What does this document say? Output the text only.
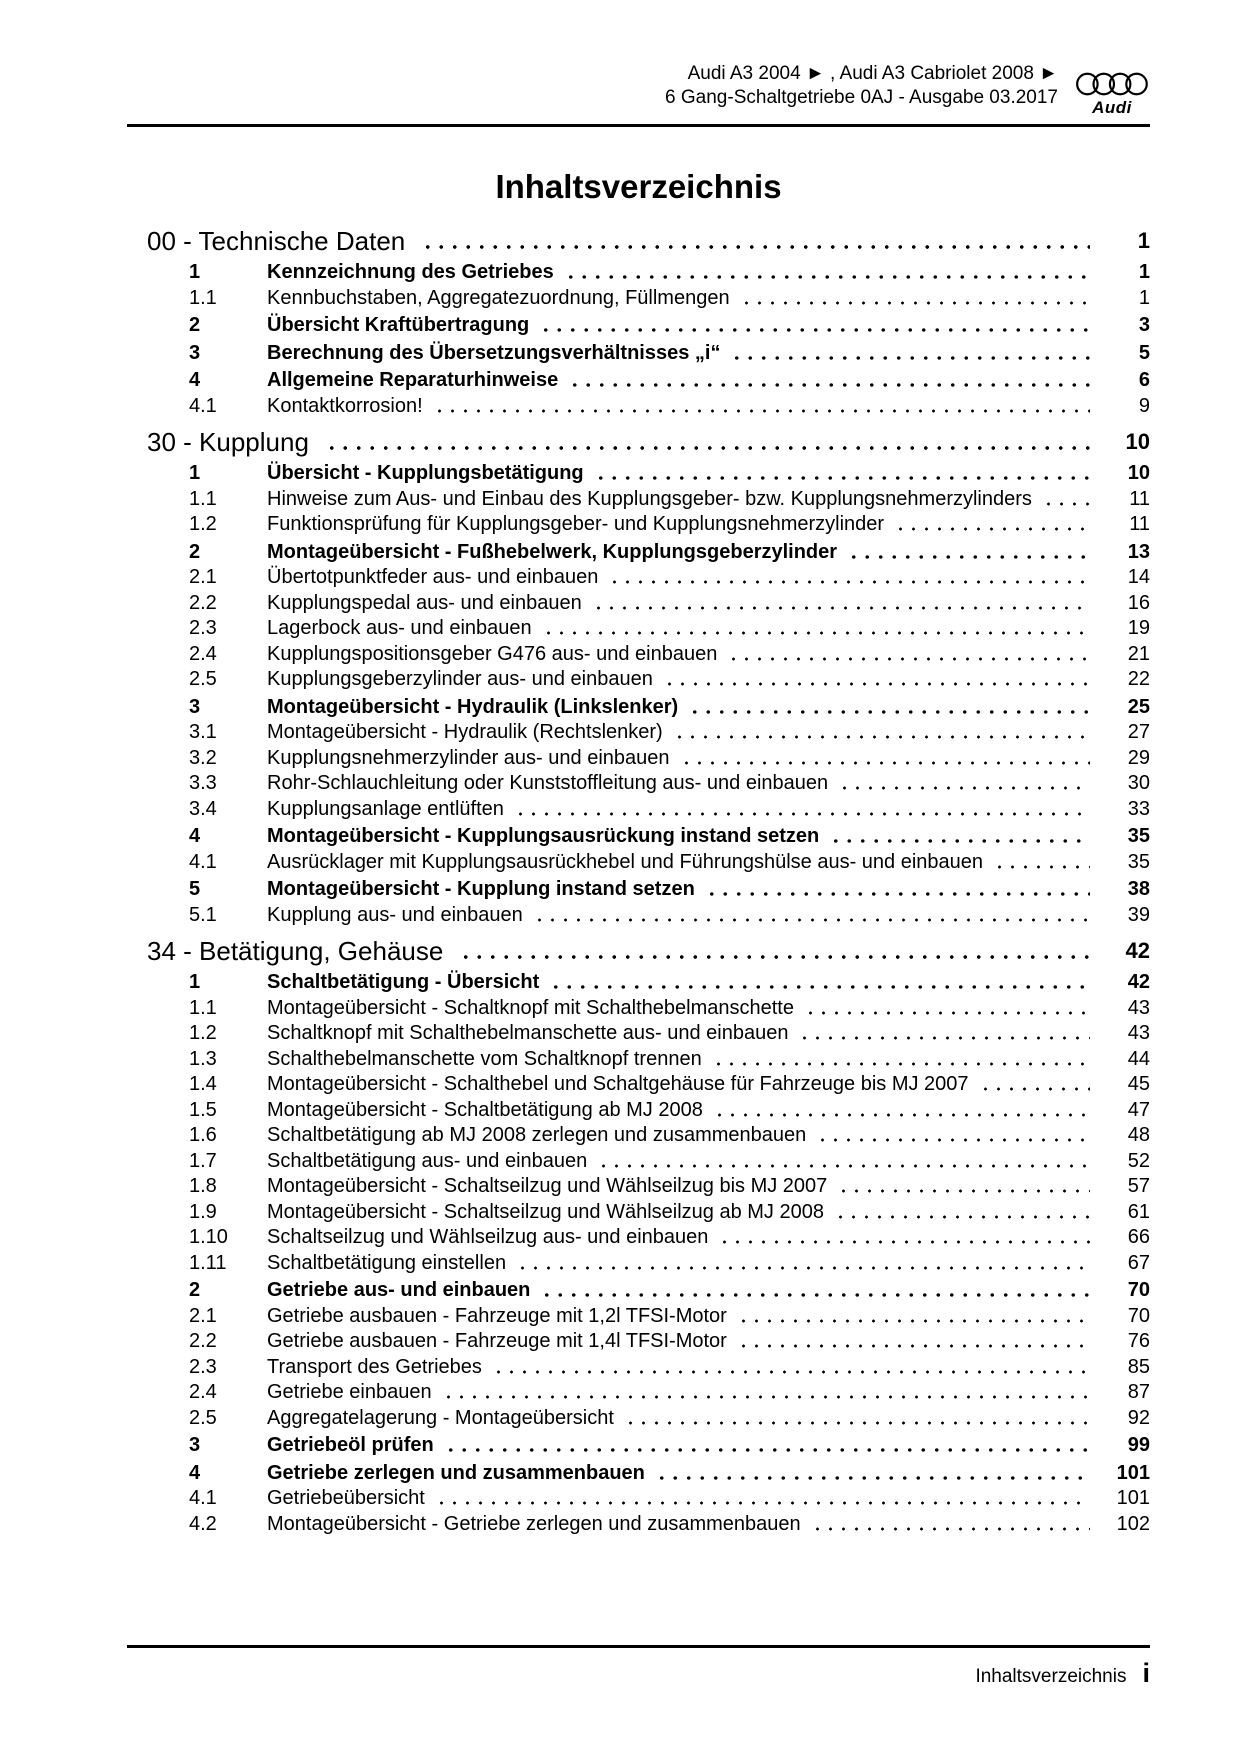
Audi A3 2004 ► , Audi A3 Cabriolet 2008 ►
6 Gang-Schaltgetriebe 0AJ - Ausgabe 03.2017	Audi
Inhaltsverzeichnis
00 - Technische Daten	1
1	Kennzeichnung des Getriebes	1
1.1	Kennbuchstaben, Aggregatezuordnung, Füllmengen	1
2	Übersicht Kraftübertragung	3
3	Berechnung des Übersetzungsverhältnisses „i“	5
4	Allgemeine Reparaturhinweise	6
4.1	Kontaktkorrosion!	9
30 - Kupplung	10
1	Übersicht - Kupplungsbetätigung	10
1.1	Hinweise zum Aus- und Einbau des Kupplungsgeber- bzw. Kupplungsnehmerzylinders	11
1.2	Funktionsprüfung für Kupplungsgeber- und Kupplungsnehmerzylinder	11
2	Montageübersicht - Fußhebelwerk, Kupplungsgeberzylinder	13
2.1	Übertotpunktfeder aus- und einbauen	14
2.2	Kupplungspedal aus- und einbauen	16
2.3	Lagerbock aus- und einbauen	19
2.4	Kupplungspositionsgeber G476 aus- und einbauen	21
2.5	Kupplungsgeberzylinder aus- und einbauen	22
3	Montageübersicht - Hydraulik (Linkslenker)	25
3.1	Montageübersicht - Hydraulik (Rechtslenker)	27
3.2	Kupplungsnehmerzylinder aus- und einbauen	29
3.3	Rohr-Schlauchleitung oder Kunststoffleitung aus- und einbauen	30
3.4	Kupplungsanlage entlüften	33
4	Montageübersicht - Kupplungsausrückung instand setzen	35
4.1	Ausrücklager mit Kupplungsausrückhebel und Führungshülse aus- und einbauen	35
5	Montageübersicht - Kupplung instand setzen	38
5.1	Kupplung aus- und einbauen	39
34 - Betätigung, Gehäuse	42
1	Schaltbetätigung - Übersicht	42
1.1	Montageübersicht - Schaltknopf mit Schalthebelmanschette	43
1.2	Schaltknopf mit Schalthebelmanschette aus- und einbauen	43
1.3	Schalthebelmanschette vom Schaltknopf trennen	44
1.4	Montageübersicht - Schalthebel und Schaltgehäuse für Fahrzeuge bis MJ 2007	45
1.5	Montageübersicht - Schaltbetätigung ab MJ 2008	47
1.6	Schaltbetätigung ab MJ 2008 zerlegen und zusammenbauen	48
1.7	Schaltbetätigung aus- und einbauen	52
1.8	Montageübersicht - Schaltseilzug und Wählseilzug bis MJ 2007	57
1.9	Montageübersicht - Schaltseilzug und Wählseilzug ab MJ 2008	61
1.10	Schaltseilzug und Wählseilzug aus- und einbauen	66
1.11	Schaltbetätigung einstellen	67
2	Getriebe aus- und einbauen	70
2.1	Getriebe ausbauen - Fahrzeuge mit 1,2l TFSI-Motor	70
2.2	Getriebe ausbauen - Fahrzeuge mit 1,4l TFSI-Motor	76
2.3	Transport des Getriebes	85
2.4	Getriebe einbauen	87
2.5	Aggregatelagerung - Montageübersicht	92
3	Getriebeöl prüfen	99
4	Getriebe zerlegen und zusammenbauen	101
4.1	Getriebeübersicht	101
4.2	Montageübersicht - Getriebe zerlegen und zusammenbauen	102
Inhaltsverzeichnis i
